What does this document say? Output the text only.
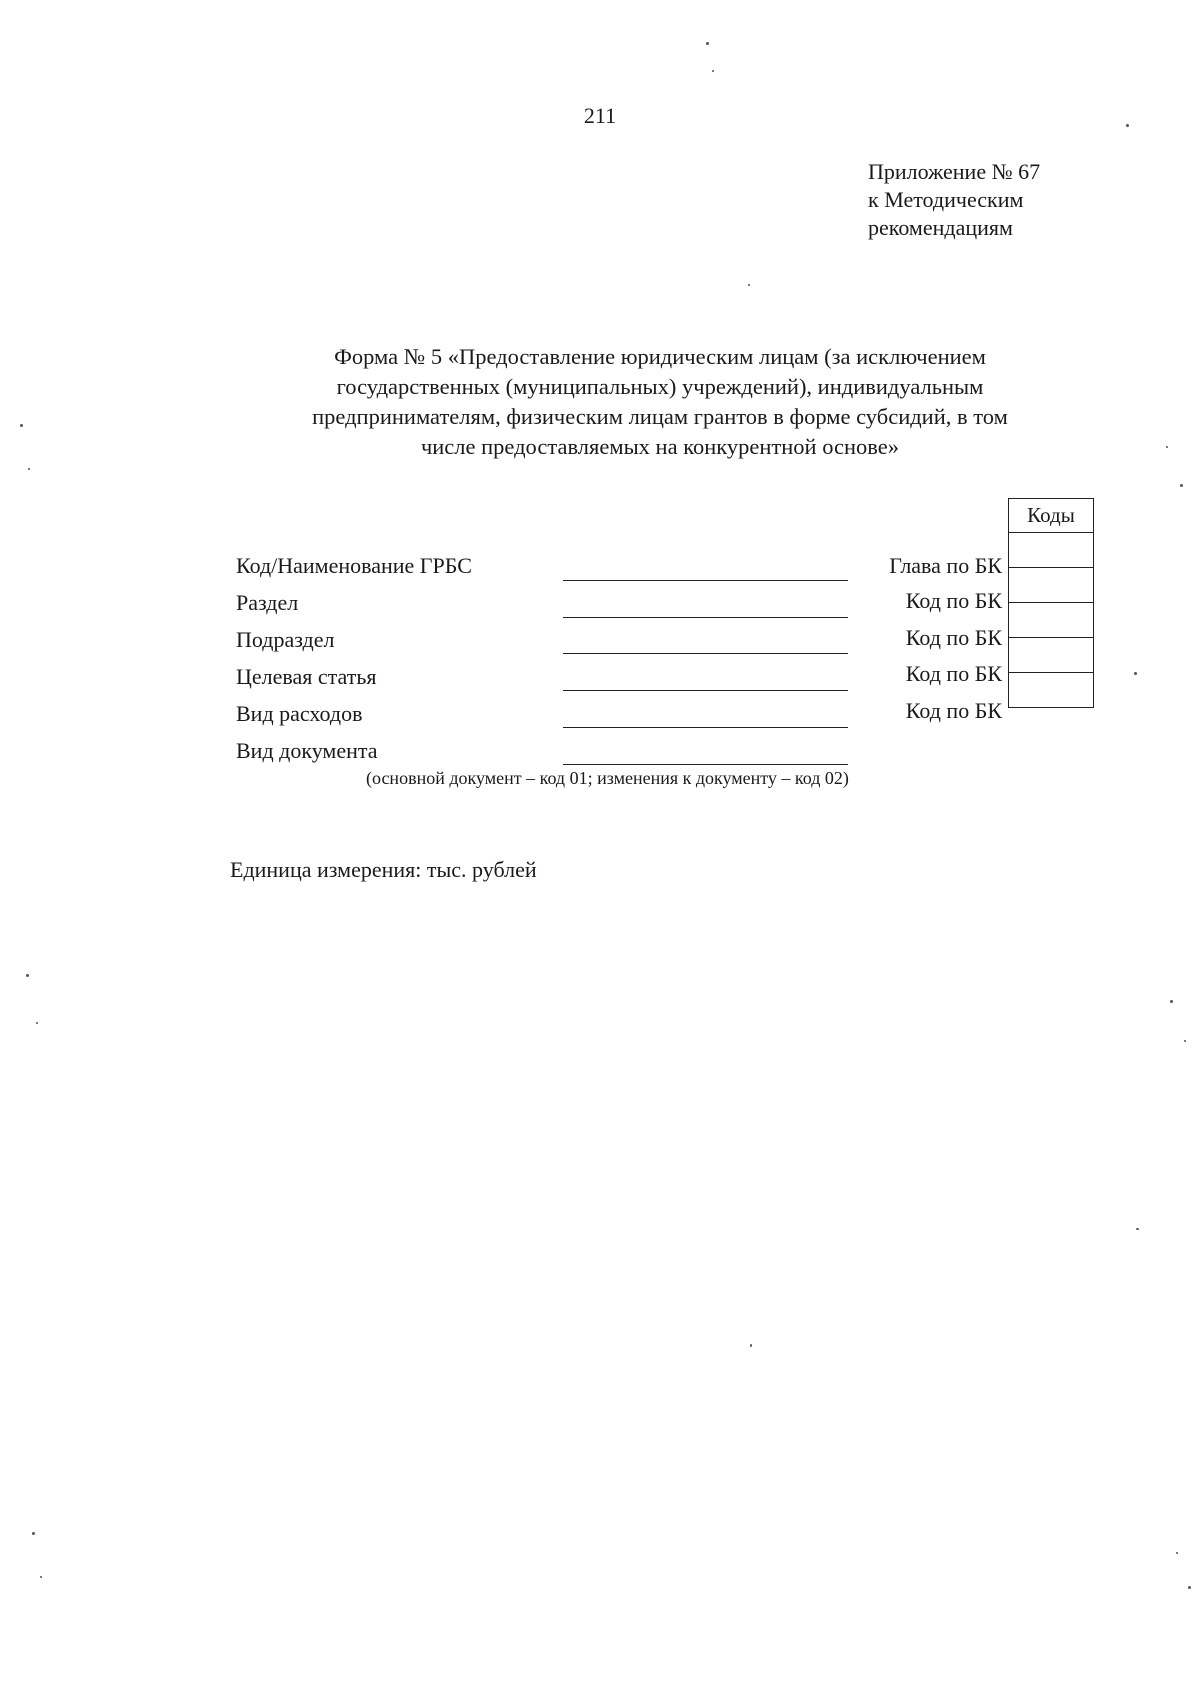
211
Приложение № 67
к Методическим
рекомендациям
Форма № 5 «Предоставление юридическим лицам (за исключением
государственных (муниципальных) учреждений), индивидуальным
предпринимателям, физическим лицам грантов в форме субсидий, в том
числе предоставляемых на конкурентной основе»
Коды

Код/Наименование ГРБС	Глава по БК
Раздел	Код по БК
Подраздел	Код по БК
Целевая статья	Код по БК
Вид расходов	Код по БК
Вид документа
(основной документ – код 01; изменения к документу – код 02)
Единица измерения: тыс. рублей
